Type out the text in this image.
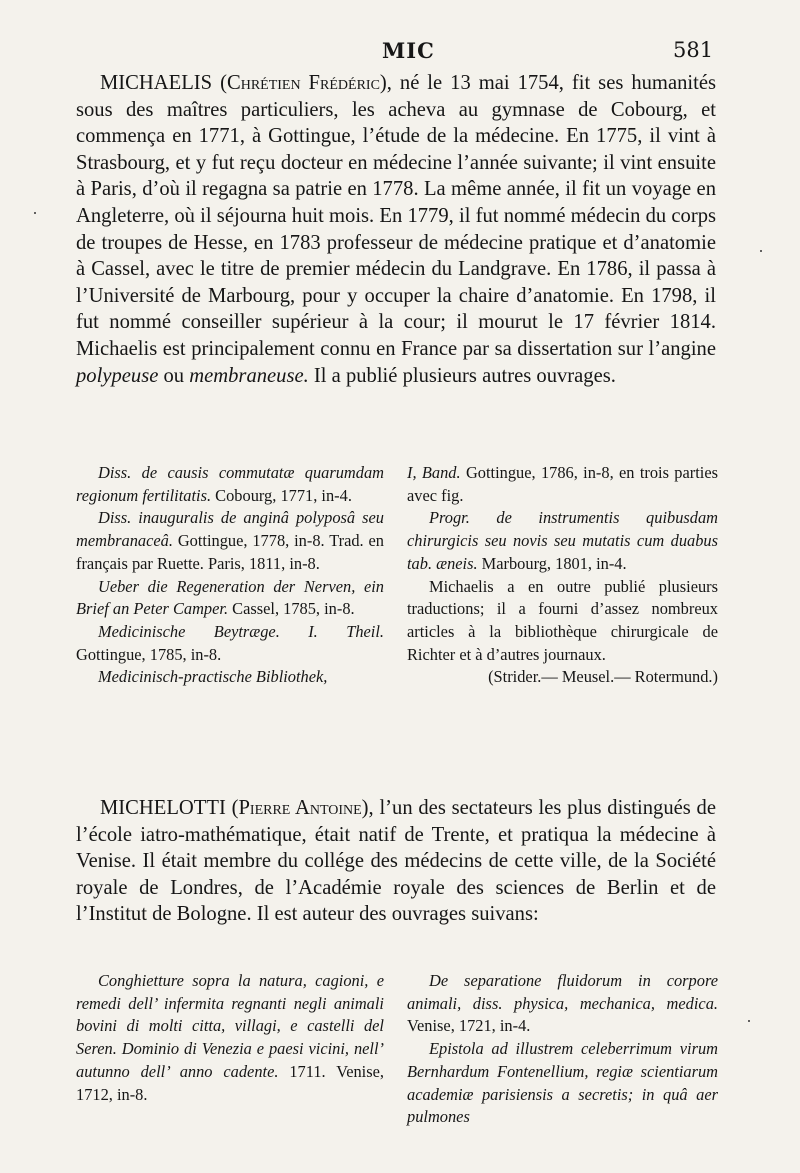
MIC	581

MICHAELIS (Chrétien Frédéric), né le 13 mai 1754, fit ses humanités sous des maîtres particuliers, les acheva au gymnase de Cobourg, et commença en 1771, à Gottingue, l’étude de la médecine. En 1775, il vint à Strasbourg, et y fut reçu docteur en médecine l’année suivante; il vint ensuite à Paris, d’où il regagna sa patrie en 1778. La même année, il fit un voyage en Angleterre, où il séjourna huit mois. En 1779, il fut nommé médecin du corps de troupes de Hesse, en 1783 professeur de médecine pratique et d’anatomie à Cassel, avec le titre de premier médecin du Landgrave. En 1786, il passa à l’Université de Marbourg, pour y occuper la chaire d’anatomie. En 1798, il fut nommé conseiller supérieur à la cour; il mourut le 17 février 1814. Michaelis est principalement connu en France par sa dissertation sur l’angine polypeuse ou membraneuse. Il a publié plusieurs autres ouvrages.

Diss. de causis commutatæ quarumdam regionum fertilitatis. Cobourg, 1771, in-4.

Diss. inauguralis de anginâ polyposâ seu membranaceâ. Gottingue, 1778, in-8. Trad. en français par Ruette. Paris, 1811, in-8.

Ueber die Regeneration der Nerven, ein Brief an Peter Camper. Cassel, 1785, in-8.

Medicinische Beytræge. I. Theil. Gottingue, 1785, in-8.

Medicinisch-practische Bibliothek,

I, Band. Gottingue, 1786, in-8, en trois parties avec fig.

Progr. de instrumentis quibusdam chirurgicis seu novis seu mutatis cum duabus tab. æneis. Marbourg, 1801, in-4.

Michaelis a en outre publié plusieurs traductions; il a fourni d’assez nombreux articles à la bibliothèque chirurgicale de Richter et à d’autres journaux.

(Strider.— Meusel.— Rotermund.)

MICHELOTTI (Pierre Antoine), l’un des sectateurs les plus distingués de l’école iatro-mathématique, était natif de Trente, et pratiqua la médecine à Venise. Il était membre du collége des médecins de cette ville, de la Société royale de Londres, de l’Académie royale des sciences de Berlin et de l’Institut de Bologne. Il est auteur des ouvrages suivans:

Conghietture sopra la natura, cagioni, e remedi dell’ infermita regnanti negli animali bovini di molti citta, villagi, e castelli del Seren. Dominio di Venezia e paesi vicini, nell’ autunno dell’ anno cadente. 1711. Venise, 1712, in-8.

De separatione fluidorum in corpore animali, diss. physica, mechanica, medica. Venise, 1721, in-4.

Epistola ad illustrem celeberrimum virum Bernhardum Fontenellium, regiæ scientiarum academiæ parisiensis a secretis; in quâ aer pulmones
